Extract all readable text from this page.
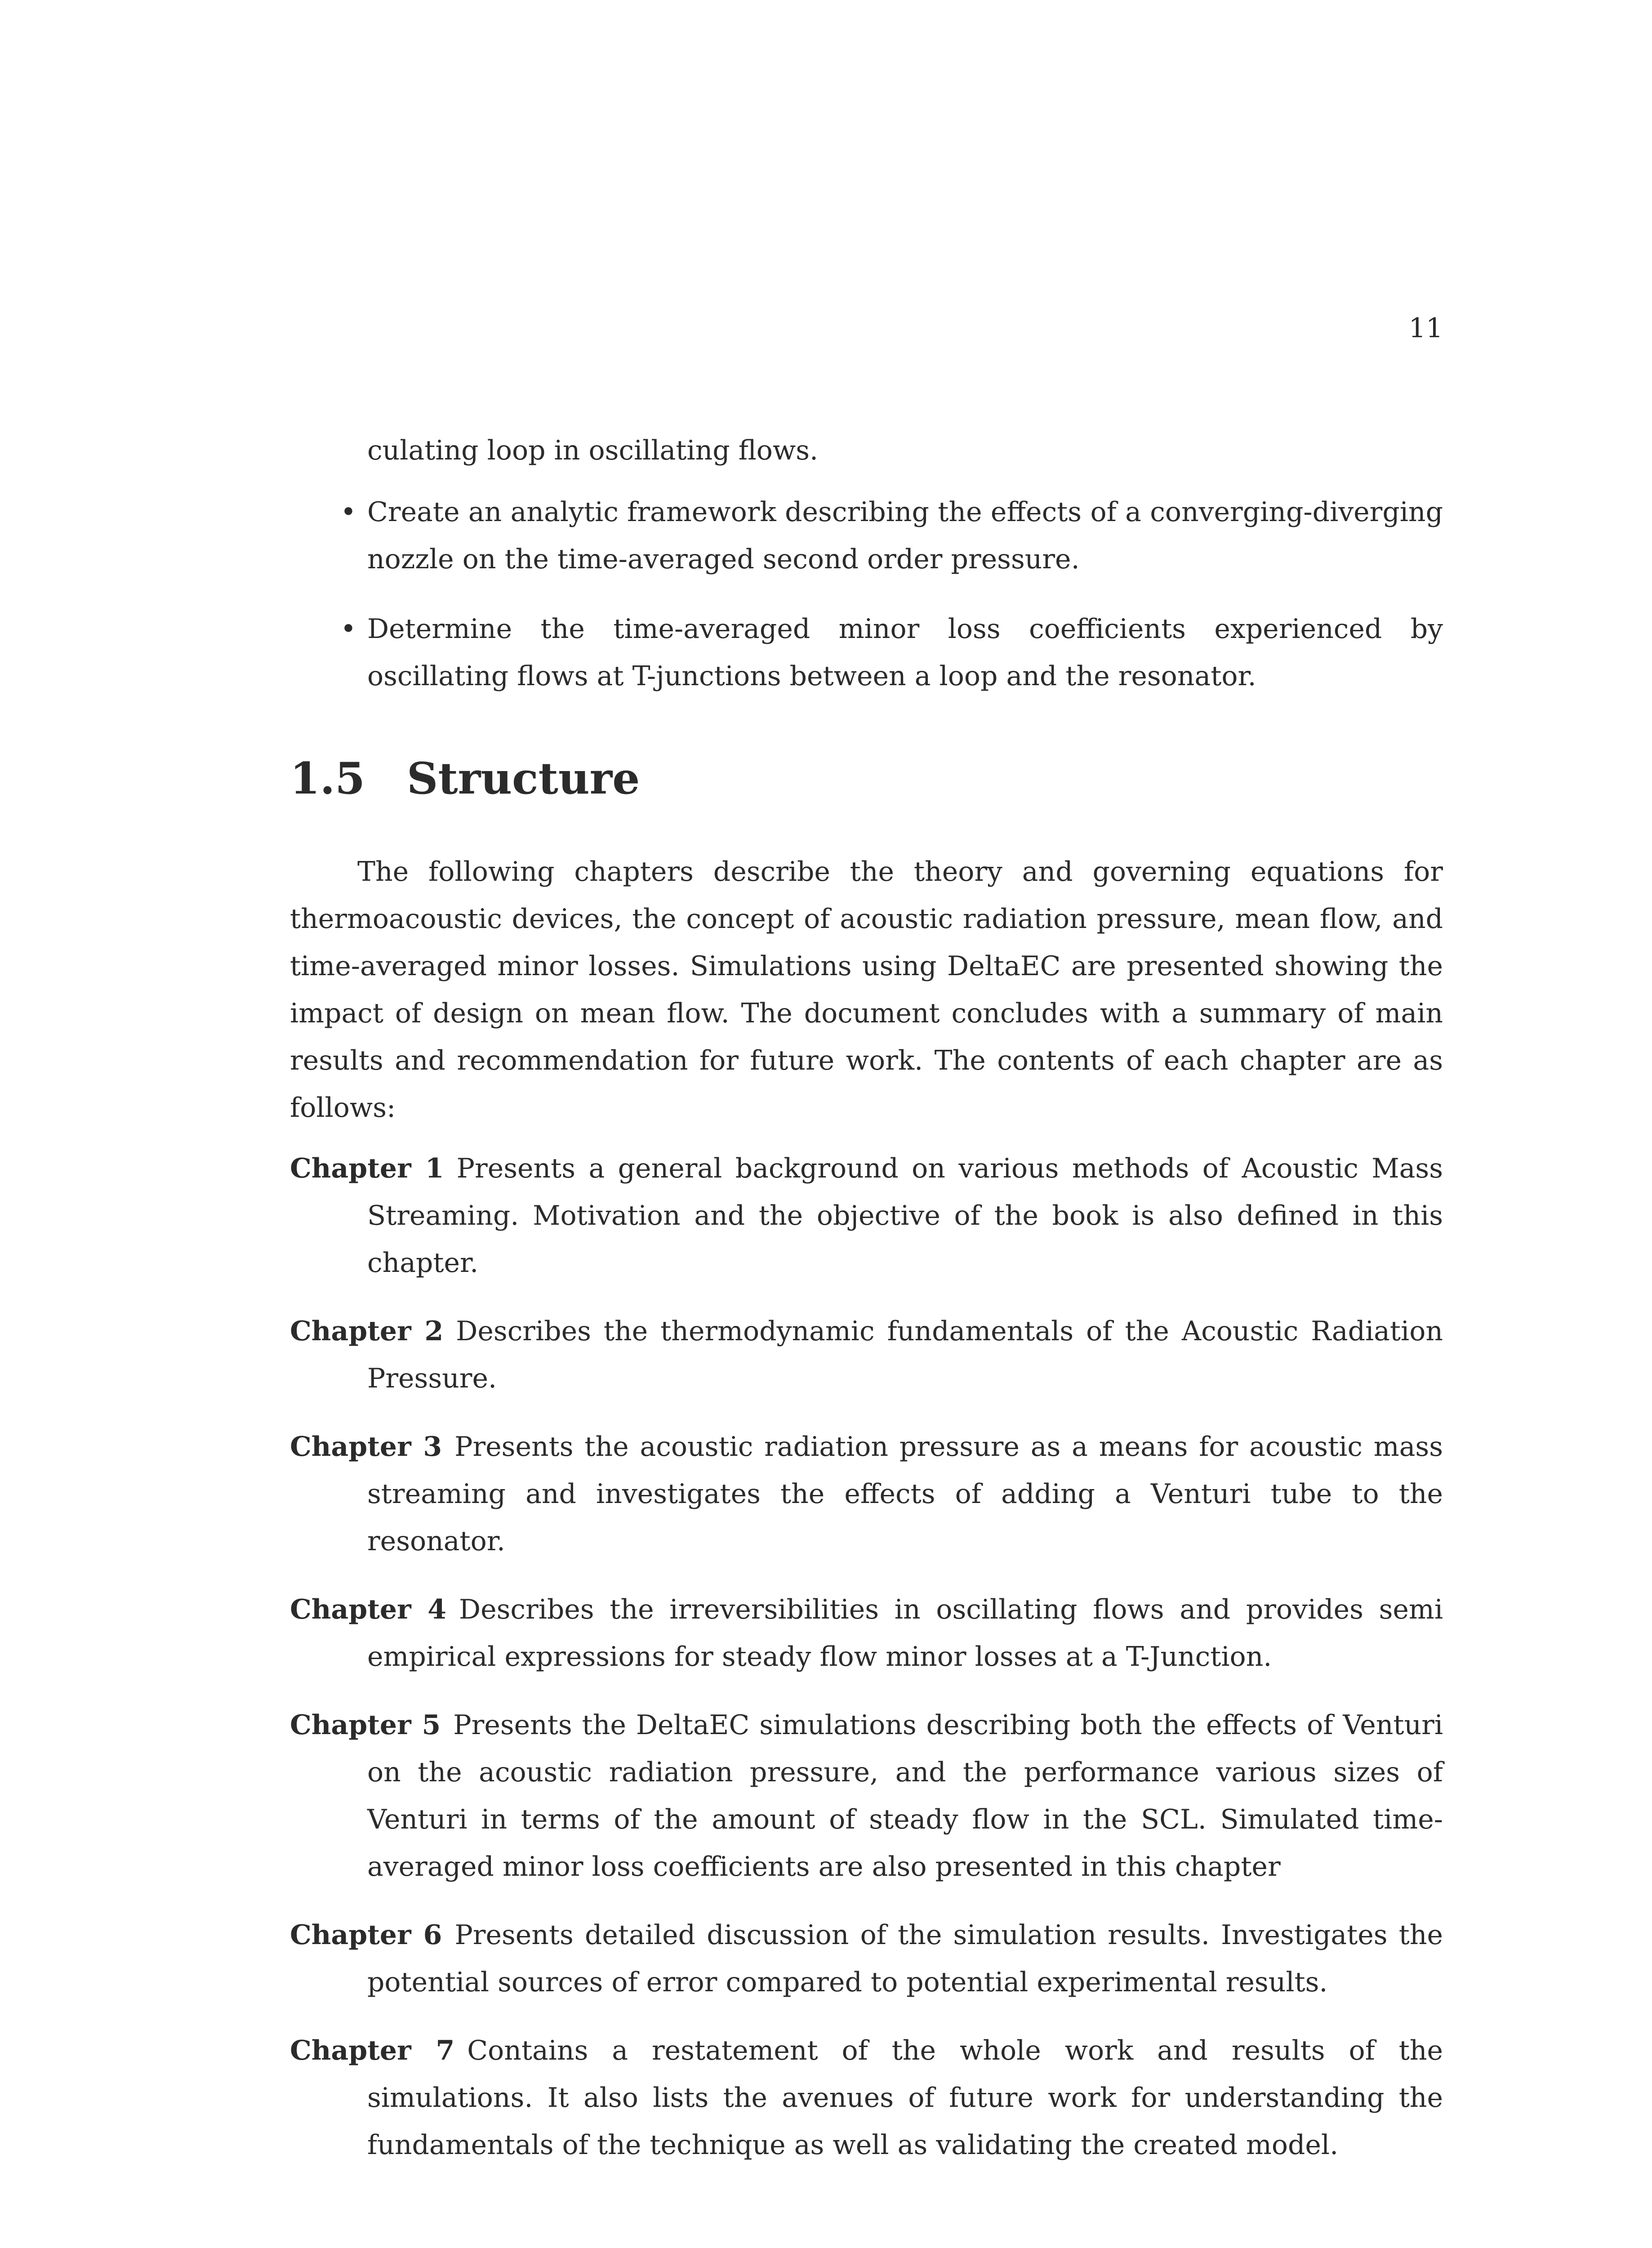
11

culating loop in oscillating flows.

• Create an analytic framework describing the effects of a converging-diverging nozzle on the time-averaged second order pressure.
• Determine the time-averaged minor loss coefficients experienced by oscillating flows at T-junctions between a loop and the resonator.
1.5 Structure

The following chapters describe the theory and governing equations for thermoacoustic devices, the concept of acoustic radiation pressure, mean flow, and time-averaged minor losses. Simulations using DeltaEC are presented showing the impact of design on mean flow. The document concludes with a summary of main results and recommendation for future work. The contents of each chapter are as follows:

Chapter 1 Presents a general background on various methods of Acoustic Mass Streaming. Motivation and the objective of the book is also defined in this chapter.
Chapter 2 Describes the thermodynamic fundamentals of the Acoustic Radiation Pressure.
Chapter 3 Presents the acoustic radiation pressure as a means for acoustic mass streaming and investigates the effects of adding a Venturi tube to the resonator.
Chapter 4 Describes the irreversibilities in oscillating flows and provides semi empirical expressions for steady flow minor losses at a T-Junction.
Chapter 5 Presents the DeltaEC simulations describing both the effects of Venturi on the acoustic radiation pressure, and the performance various sizes of Venturi in terms of the amount of steady flow in the SCL. Simulated time-averaged minor loss coefficients are also presented in this chapter
Chapter 6 Presents detailed discussion of the simulation results. Investigates the potential sources of error compared to potential experimental results.
Chapter 7 Contains a restatement of the whole work and results of the simulations. It also lists the avenues of future work for understanding the fundamentals of the technique as well as validating the created model.
